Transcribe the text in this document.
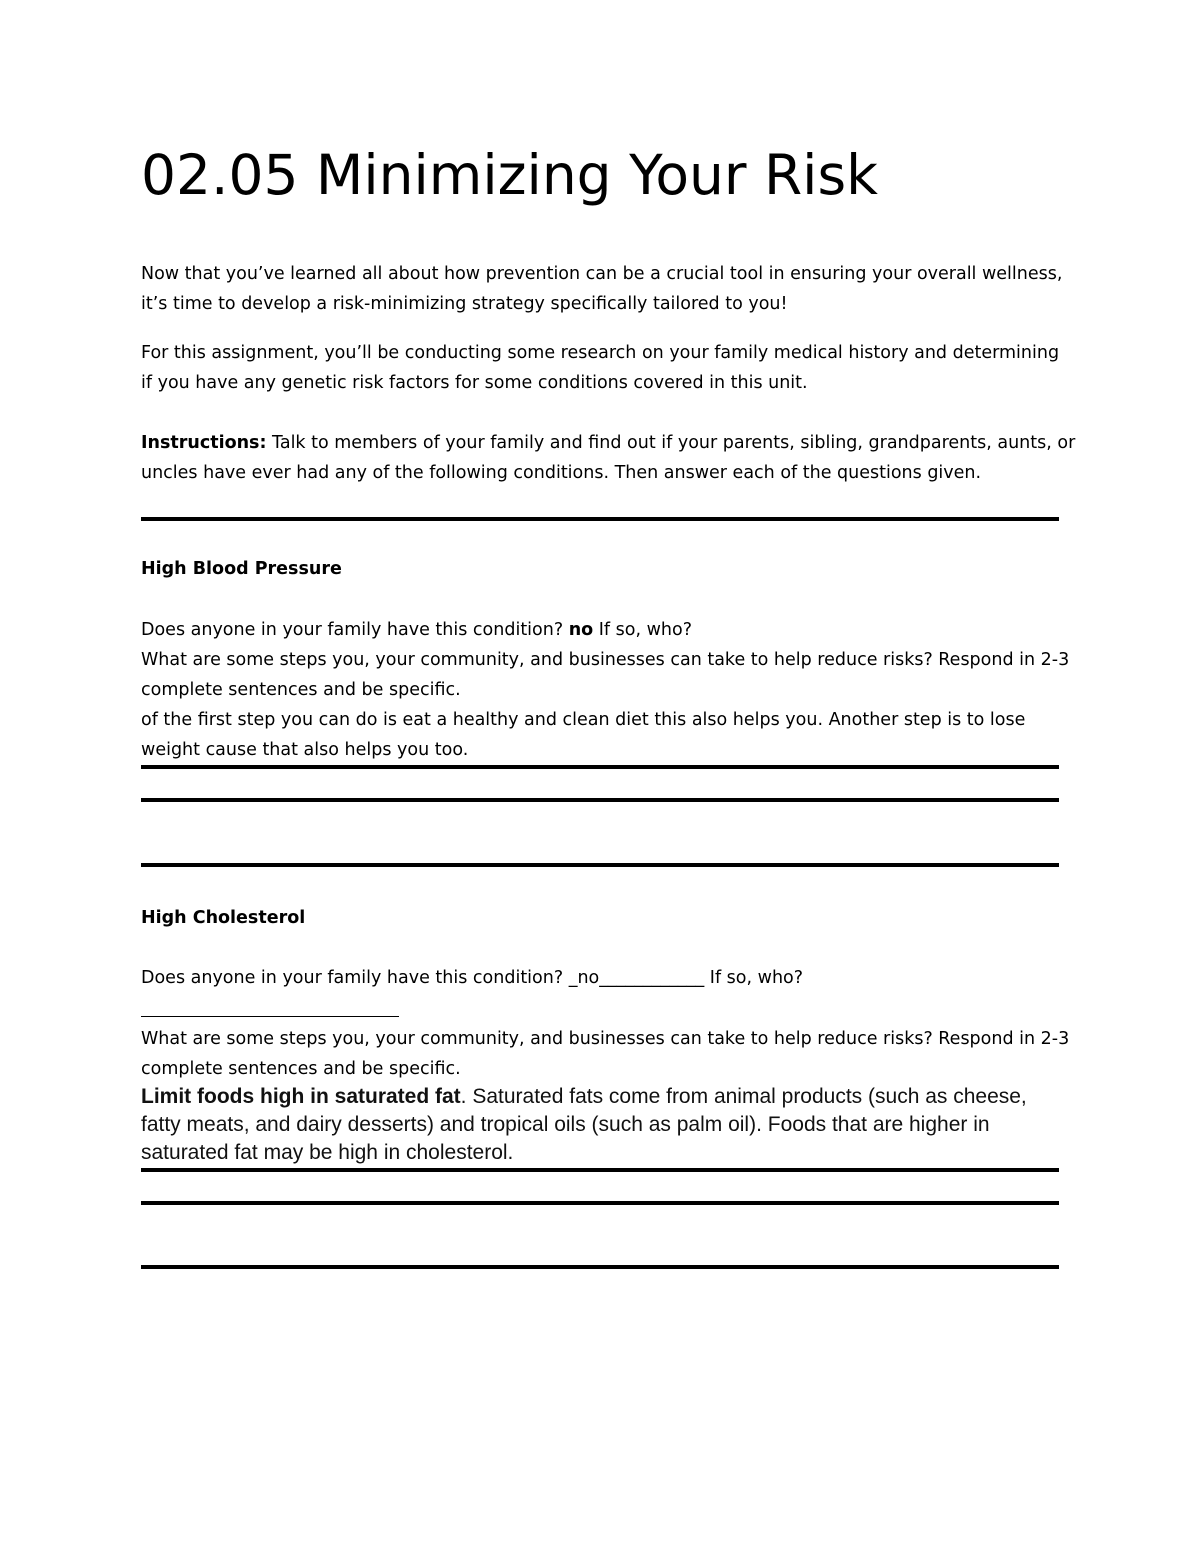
02.05 Minimizing Your Risk

Now that you’ve learned all about how prevention can be a crucial tool in ensuring your overall wellness,
it’s time to develop a risk-minimizing strategy specifically tailored to you!

For this assignment, you’ll be conducting some research on your family medical history and determining
if you have any genetic risk factors for some conditions covered in this unit.

Instructions: Talk to members of your family and find out if your parents, sibling, grandparents, aunts, or
uncles have ever had any of the following conditions. Then answer each of the questions given.

High Blood Pressure

Does anyone in your family have this condition? no If so, who?
What are some steps you, your community, and businesses can take to help reduce risks? Respond in 2-3
complete sentences and be specific.
of the first step you can do is eat a healthy and clean diet this also helps you. Another step is to lose
weight cause that also helps you too.

High Cholesterol

Does anyone in your family have this condition? _no____________ If so, who?

What are some steps you, your community, and businesses can take to help reduce risks? Respond in 2-3
complete sentences and be specific.

Limit foods high in saturated fat. Saturated fats come from animal products (such as cheese,
fatty meats, and dairy desserts) and tropical oils (such as palm oil). Foods that are higher in
saturated fat may be high in cholesterol.
